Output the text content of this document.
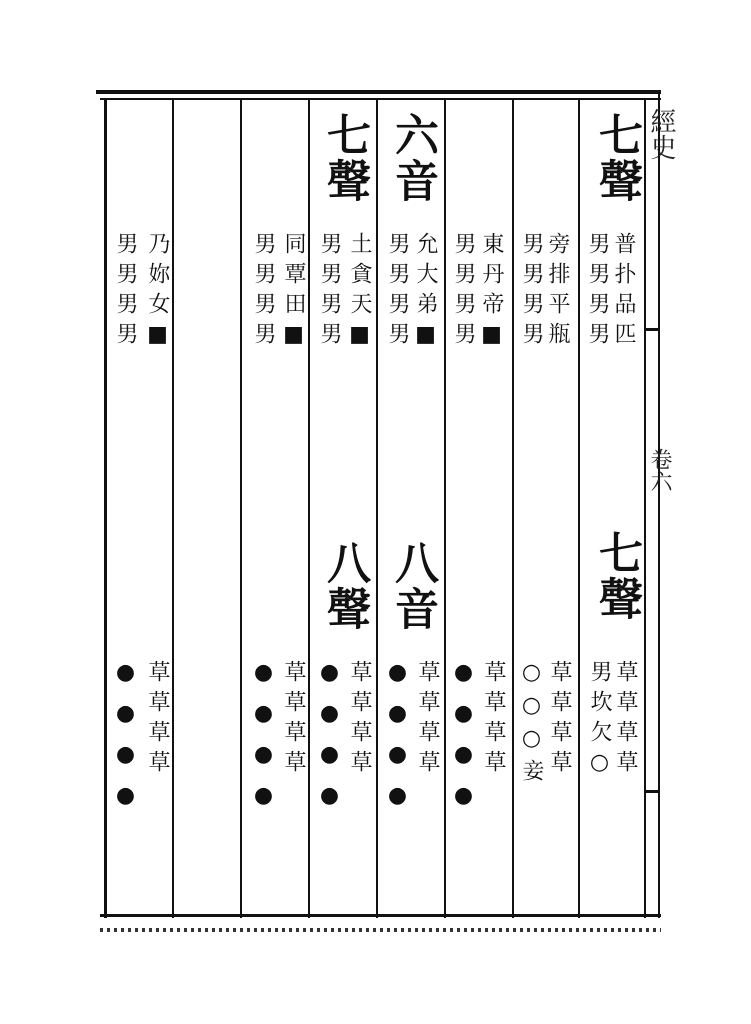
經史
卷六
七聲
普扑品匹
男男男男
七聲
草草草草
男坎欠○
旁排平瓶
男男男男
草草草草
○○○妾
東丹帝■
男男男男
草草草草
●●●●
六音
允大弟■
男男男男
八音
草草草草
●●●●
七聲
土貪天■
男男男男
八聲
草草草草
●●●●
同覃田■
男男男男
草草草草
●●●●
乃妳女■
男男男男
草草草草
●●●●
